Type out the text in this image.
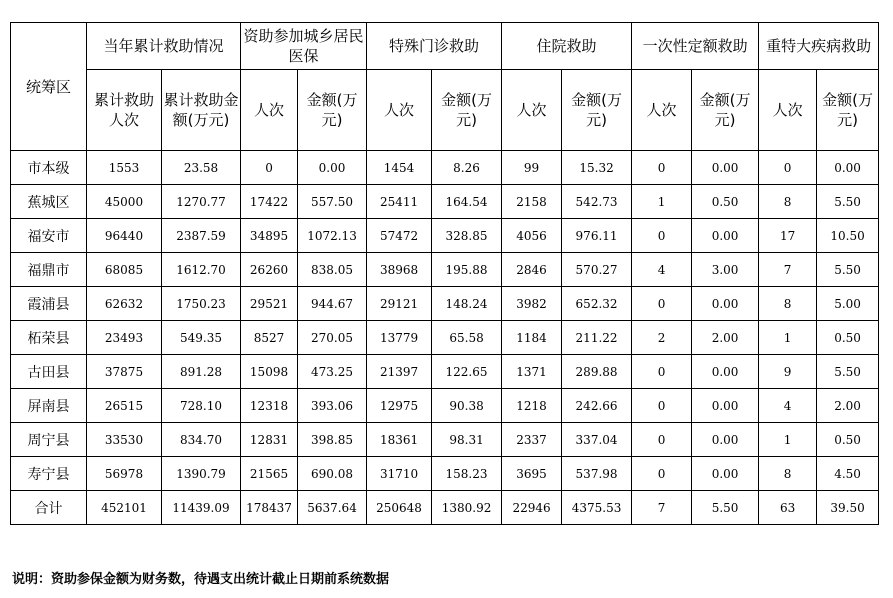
统筹区	当年累计救助情况		资助参加城乡居民医保		特殊门诊救助		住院救助		一次性定额救助		重特大疾病救助	
	累计救助人次	累计救助金额(万元)	人次	金额(万元)	人次	金额(万元)	人次	金额(万元)	人次	金额(万元)	人次	金额(万元)
市本级	1553	23.58	0	0.00	1454	8.26	99	15.32	0	0.00	0	0.00
蕉城区	45000	1270.77	17422	557.50	25411	164.54	2158	542.73	1	0.50	8	5.50
福安市	96440	2387.59	34895	1072.13	57472	328.85	4056	976.11	0	0.00	17	10.50
福鼎市	68085	1612.70	26260	838.05	38968	195.88	2846	570.27	4	3.00	7	5.50
霞浦县	62632	1750.23	29521	944.67	29121	148.24	3982	652.32	0	0.00	8	5.00
柘荣县	23493	549.35	8527	270.05	13779	65.58	1184	211.22	2	2.00	1	0.50
古田县	37875	891.28	15098	473.25	21397	122.65	1371	289.88	0	0.00	9	5.50
屏南县	26515	728.10	12318	393.06	12975	90.38	1218	242.66	0	0.00	4	2.00
周宁县	33530	834.70	12831	398.85	18361	98.31	2337	337.04	0	0.00	1	0.50
寿宁县	56978	1390.79	21565	690.08	31710	158.23	3695	537.98	0	0.00	8	4.50
合计	452101	11439.09	178437	5637.64	250648	1380.92	22946	4375.53	7	5.50	63	39.50
说明：资助参保金额为财务数，待遇支出统计截止日期前系统数据
